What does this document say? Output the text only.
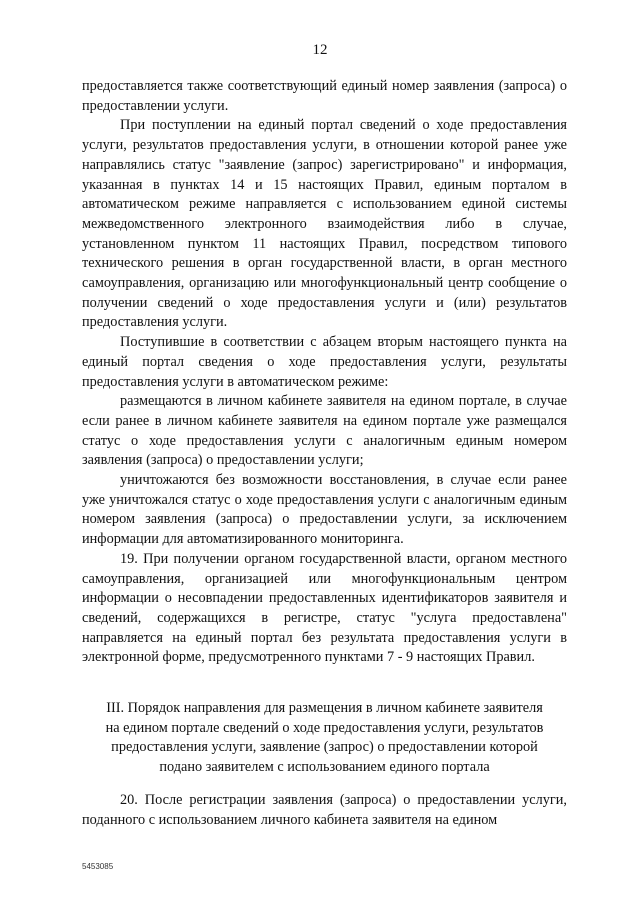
12

предоставляется также соответствующий единый номер заявления (запроса) о предоставлении услуги.

При поступлении на единый портал сведений о ходе предоставления услуги, результатов предоставления услуги, в отношении которой ранее уже направлялись статус "заявление (запрос) зарегистрировано" и информация, указанная в пунктах 14 и 15 настоящих Правил, единым порталом в автоматическом режиме направляется с использованием единой системы межведомственного электронного взаимодействия либо в случае, установленном пунктом 11 настоящих Правил, посредством типового технического решения в орган государственной власти, в орган местного самоуправления, организацию или многофункциональный центр сообщение о получении сведений о ходе предоставления услуги и (или) результатов предоставления услуги.

Поступившие в соответствии с абзацем вторым настоящего пункта на единый портал сведения о ходе предоставления услуги, результаты предоставления услуги в автоматическом режиме:

размещаются в личном кабинете заявителя на едином портале, в случае если ранее в личном кабинете заявителя на едином портале уже размещался статус о ходе предоставления услуги с аналогичным единым номером заявления (запроса) о предоставлении услуги;

уничтожаются без возможности восстановления, в случае если ранее уже уничтожался статус о ходе предоставления услуги с аналогичным единым номером заявления (запроса) о предоставлении услуги, за исключением информации для автоматизированного мониторинга.

19. При получении органом государственной власти, органом местного самоуправления, организацией или многофункциональным центром информации о несовпадении предоставленных идентификаторов заявителя и сведений, содержащихся в регистре, статус "услуга предоставлена" направляется на единый портал без результата предоставления услуги в электронной форме, предусмотренного пунктами 7 - 9 настоящих Правил.

III. Порядок направления для размещения в личном кабинете заявителя
на едином портале сведений о ходе предоставления услуги, результатов
предоставления услуги, заявление (запрос) о предоставлении которой
подано заявителем с использованием единого портала

20. После регистрации заявления (запроса) о предоставлении услуги, поданного с использованием личного кабинета заявителя на едином

5453085
